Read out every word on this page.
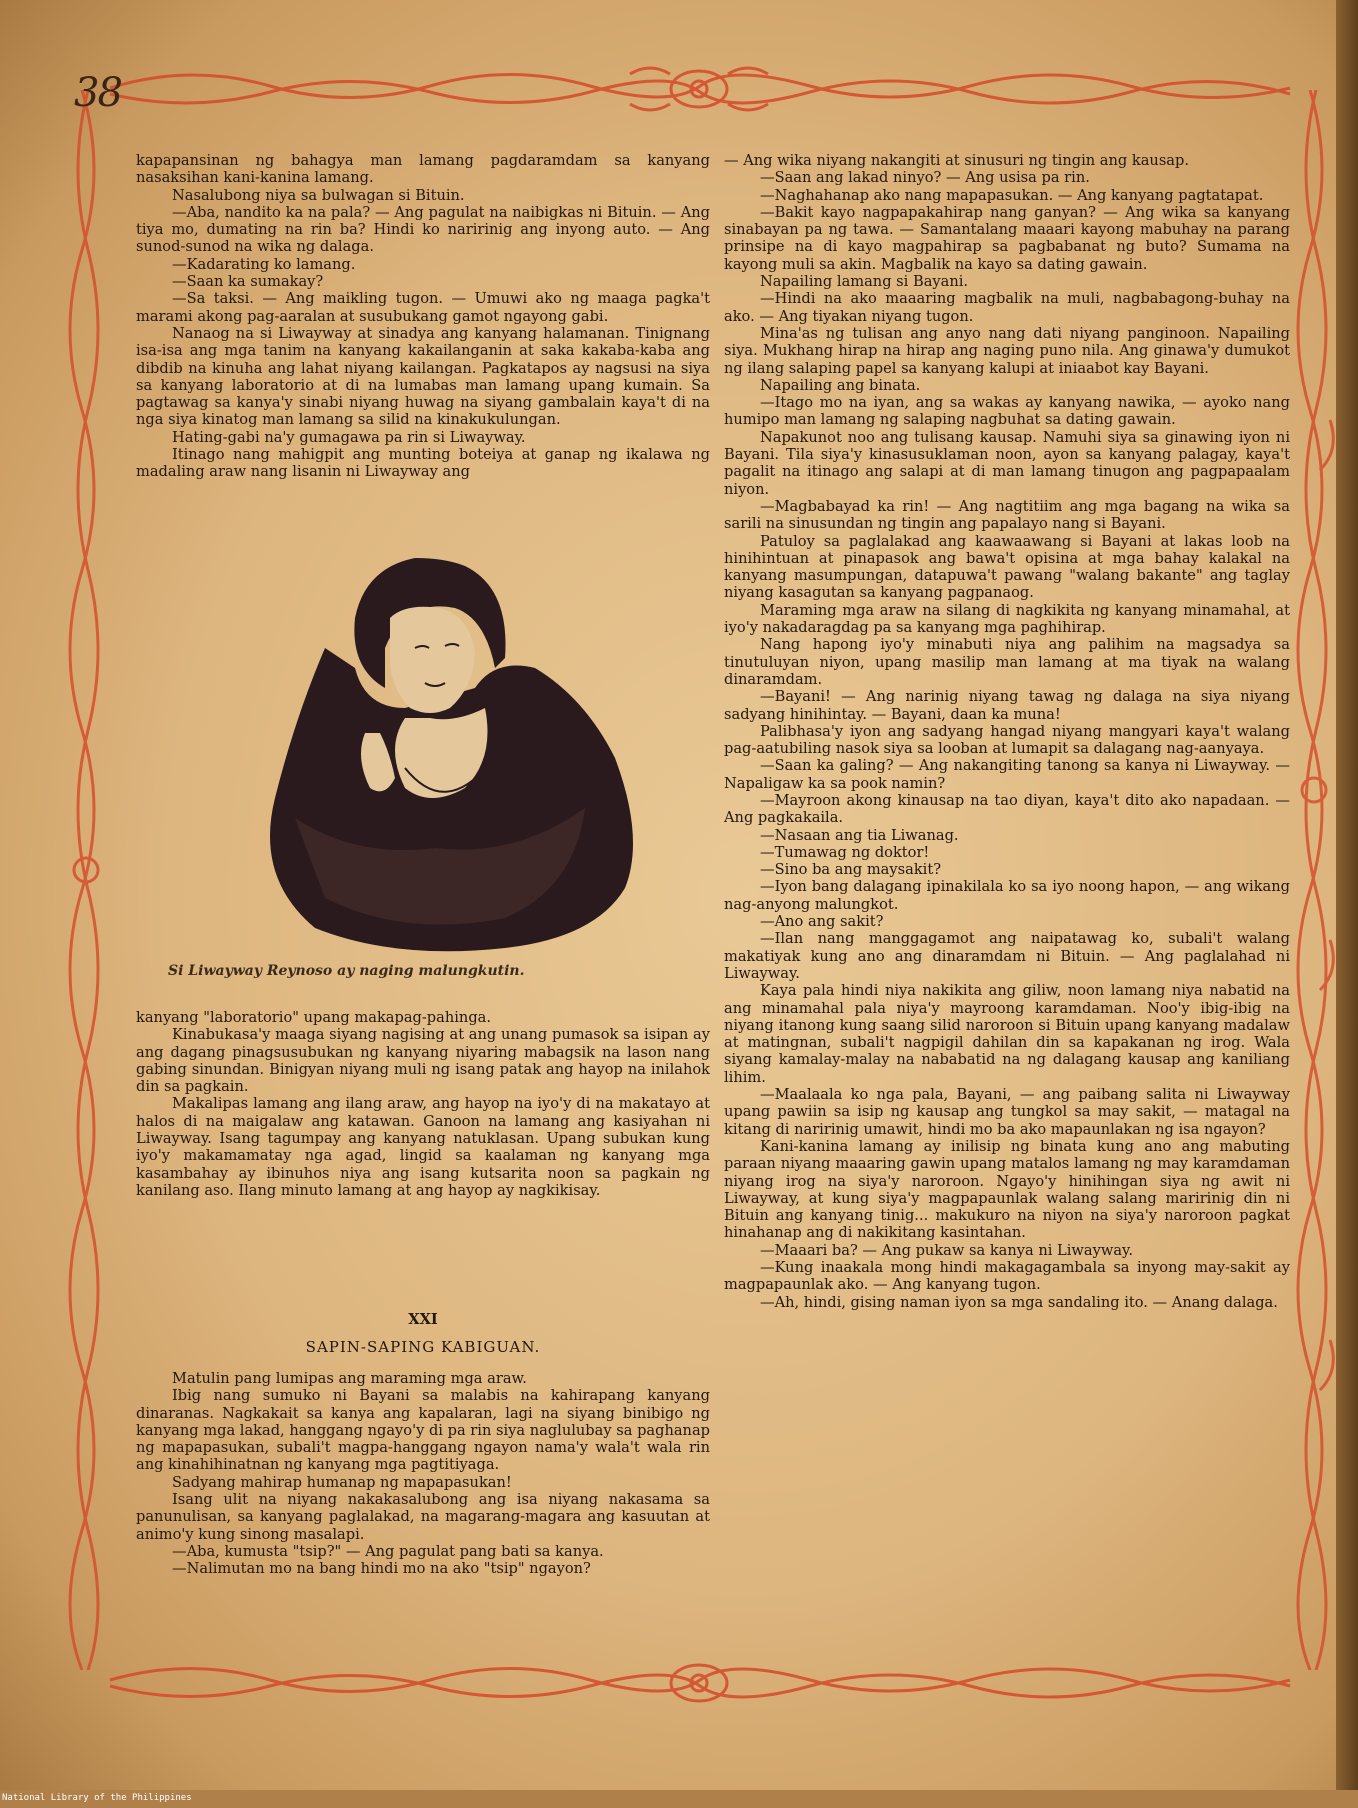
38

kapapansinan ng bahagya man lamang pagdaramdam sa kanyang nasaksihan kani-kanina lamang.

Nasalubong niya sa bulwagan si Bituin.

—Aba, nandito ka na pala? — Ang pagulat na naibigkas ni Bituin. — Ang tiya mo, dumating na rin ba? Hindi ko naririnig ang inyong auto. — Ang sunod-sunod na wika ng dalaga.

—Kadarating ko lamang.

—Saan ka sumakay?

—Sa taksi. — Ang maikling tugon. — Umuwi ako ng maaga pagka't marami akong pag-aaralan at susubukang gamot ngayong gabi.

Nanaog na si Liwayway at sinadya ang kanyang halamanan. Tinignang isa-isa ang mga tanim na kanyang kakailanganin at saka kakaba-kaba ang dibdib na kinuha ang lahat niyang kailangan. Pagkatapos ay nagsusi na siya sa kanyang laboratorio at di na lumabas man lamang upang kumain. Sa pagtawag sa kanya'y sinabi niyang huwag na siyang gambalain kaya't di na nga siya kinatog man lamang sa silid na kinakukulungan.

Hating-gabi na'y gumagawa pa rin si Liwayway.

Itinago nang mahigpit ang munting boteiya at ganap ng ikalawa ng madaling araw nang lisanin ni Liwayway ang

Si Liwayway Reynoso ay naging malungkutin.

kanyang "laboratorio" upang makapag-pahinga.

Kinabukasa'y maaga siyang nagising at ang unang pumasok sa isipan ay ang dagang pinagsusubukan ng kanyang niyaring mabagsik na lason nang gabing sinundan. Binigyan niyang muli ng isang patak ang hayop na inilahok din sa pagkain.

Makalipas lamang ang ilang araw, ang hayop na iyo'y di na makatayo at halos di na maigalaw ang katawan. Ganoon na lamang ang kasiyahan ni Liwayway. Isang tagumpay ang kanyang natuklasan. Upang subukan kung iyo'y makamamatay nga agad, lingid sa kaalaman ng kanyang mga kasambahay ay ibinuhos niya ang isang kutsarita noon sa pagkain ng kanilang aso. Ilang minuto lamang at ang hayop ay nagkikisay.

XXI
SAPIN-SAPING KABIGUAN.

Matulin pang lumipas ang maraming mga araw.

Ibig nang sumuko ni Bayani sa malabis na kahirapang kanyang dinaranas. Nagkakait sa kanya ang kapalaran, lagi na siyang binibigo ng kanyang mga lakad, hanggang ngayo'y di pa rin siya naglulubay sa paghanap ng mapapasukan, subali't magpa-hanggang ngayon nama'y wala't wala rin ang kinahihinatnan ng kanyang mga pagtitiyaga.

Sadyang mahirap humanap ng mapapasukan!

Isang ulit na niyang nakakasalubong ang isa niyang nakasama sa panunulisan, sa kanyang paglalakad, na magarang-magara ang kasuutan at animo'y kung sinong masalapi.

—Aba, kumusta "tsip?" — Ang pagulat pang bati sa kanya.

—Nalimutan mo na bang hindi mo na ako "tsip" ngayon?

— Ang wika niyang nakangiti at sinusuri ng tingin ang kausap.

—Saan ang lakad ninyo? — Ang usisa pa rin.

—Naghahanap ako nang mapapasukan. — Ang kanyang pagtatapat.

—Bakit kayo nagpapakahirap nang ganyan? — Ang wika sa kanyang sinabayan pa ng tawa. — Samantalang maaari kayong mabuhay na parang prinsipe na di kayo magpahirap sa pagbabanat ng buto? Sumama na kayong muli sa akin. Magbalik na kayo sa dating gawain.

Napailing lamang si Bayani.

—Hindi na ako maaaring magbalik na muli, nagbabagong-buhay na ako. — Ang tiyakan niyang tugon.

Mina'as ng tulisan ang anyo nang dati niyang panginoon. Napailing siya. Mukhang hirap na hirap ang naging puno nila. Ang ginawa'y dumukot ng ilang salaping papel sa kanyang kalupi at iniaabot kay Bayani.

Napailing ang binata.

—Itago mo na iyan, ang sa wakas ay kanyang nawika, — ayoko nang humipo man lamang ng salaping nagbuhat sa dating gawain.

Napakunot noo ang tulisang kausap. Namuhi siya sa ginawing iyon ni Bayani. Tila siya'y kinasusuklaman noon, ayon sa kanyang palagay, kaya't pagalit na itinago ang salapi at di man lamang tinugon ang pagpapaalam niyon.

—Magbabayad ka rin! — Ang nagtitiim ang mga bagang na wika sa sarili na sinusundan ng tingin ang papalayo nang si Bayani.

Patuloy sa paglalakad ang kaawaawang si Bayani at lakas loob na hinihintuan at pinapasok ang bawa't opisina at mga bahay kalakal na kanyang masumpungan, datapuwa't pawang "walang bakante" ang taglay niyang kasagutan sa kanyang pagpanaog.

Maraming mga araw na silang di nagkikita ng kanyang minamahal, at iyo'y nakadaragdag pa sa kanyang mga paghihirap.

Nang hapong iyo'y minabuti niya ang palihim na magsadya sa tinutuluyan niyon, upang masilip man lamang at ma tiyak na walang dinaramdam.

—Bayani! — Ang narinig niyang tawag ng dalaga na siya niyang sadyang hinihintay. — Bayani, daan ka muna!

Palibhasa'y iyon ang sadyang hangad niyang mangyari kaya't walang pag-aatubiling nasok siya sa looban at lumapit sa dalagang nag-aanyaya.

—Saan ka galing? — Ang nakangiting tanong sa kanya ni Liwayway. — Napaligaw ka sa pook namin?

—Mayroon akong kinausap na tao diyan, kaya't dito ako napadaan. — Ang pagkakaila.

—Nasaan ang tia Liwanag.

—Tumawag ng doktor!

—Sino ba ang maysakit?

—Iyon bang dalagang ipinakilala ko sa iyo noong hapon, — ang wikang nag-anyong malungkot.

—Ano ang sakit?

—Ilan nang manggagamot ang naipatawag ko, subali't walang makatiyak kung ano ang dinaramdam ni Bituin. — Ang paglalahad ni Liwayway.

Kaya pala hindi niya nakikita ang giliw, noon lamang niya nabatid na ang minamahal pala niya'y mayroong karamdaman. Noo'y ibig-ibig na niyang itanong kung saang silid naroroon si Bituin upang kanyang madalaw at matingnan, subali't nagpigil dahilan din sa kapakanan ng irog. Wala siyang kamalay-malay na nababatid na ng dalagang kausap ang kaniliang lihim.

—Maalaala ko nga pala, Bayani, — ang paibang salita ni Liwayway upang pawiin sa isip ng kausap ang tungkol sa may sakit, — matagal na kitang di naririnig umawit, hindi mo ba ako mapaunlakan ng isa ngayon?

Kani-kanina lamang ay inilisip ng binata kung ano ang mabuting paraan niyang maaaring gawin upang matalos lamang ng may karamdaman niyang irog na siya'y naroroon. Ngayo'y hinihingan siya ng awit ni Liwayway, at kung siya'y magpapaunlak walang salang maririnig din ni Bituin ang kanyang tinig... makukuro na niyon na siya'y naroroon pagkat hinahanap ang di nakikitang kasintahan.

—Maaari ba? — Ang pukaw sa kanya ni Liwayway.

—Kung inaakala mong hindi makagagambala sa inyong may-sakit ay magpapaunlak ako. — Ang kanyang tugon.

—Ah, hindi, gising naman iyon sa mga sandaling ito. — Anang dalaga.

National Library of the Philippines
